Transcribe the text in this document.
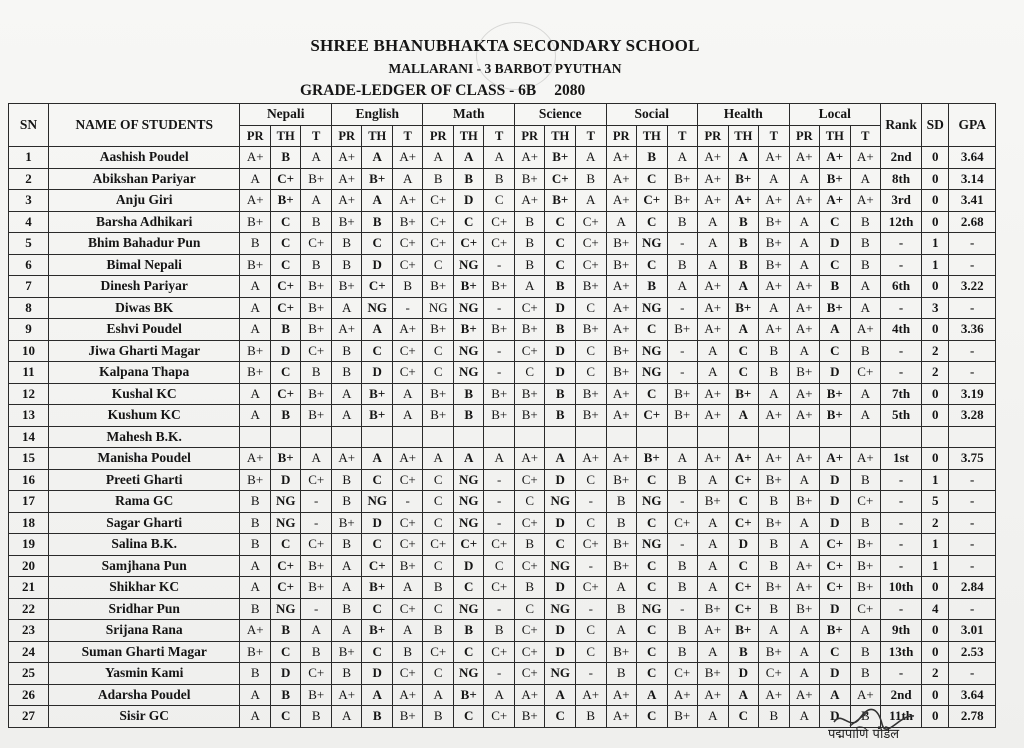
SHREE BHANUBHAKTA SECONDARY SCHOOL
MALLARANI - 3 BARBOT PYUTHAN
GRADE-LEDGER OF CLASS - 6B 2080
SN	NAME OF STUDENTS	Nepali			English			Math			Science			Social			Health			Local			Rank	SD	GPA
		PR	TH	T	PR	TH	T	PR	TH	T	PR	TH	T	PR	TH	T	PR	TH	T	PR	TH	T			
1	Aashish Poudel	A+	B	A	A+	A	A+	A	A	A	A+	B+	A	A+	B	A	A+	A	A+	A+	A+	A+	2nd	0	3.64
2	Abikshan Pariyar	A	C+	B+	A+	B+	A	B	B	B	B+	C+	B	A+	C	B+	A+	B+	A	A	B+	A	8th	0	3.14
3	Anju Giri	A+	B+	A	A+	A	A+	C+	D	C	A+	B+	A	A+	C+	B+	A+	A+	A+	A+	A+	A+	3rd	0	3.41
4	Barsha Adhikari	B+	C	B	B+	B	B+	C+	C	C+	B	C	C+	A	C	B	A	B	B+	A	C	B	12th	0	2.68
5	Bhim Bahadur Pun	B	C	C+	B	C	C+	C+	C+	C+	B	C	C+	B+	NG	-	A	B	B+	A	D	B	-	1	-
6	Bimal Nepali	B+	C	B	B	D	C+	C	NG	-	B	C	C+	B+	C	B	A	B	B+	A	C	B	-	1	-
7	Dinesh Pariyar	A	C+	B+	B+	C+	B	B+	B+	B+	A	B	B+	A+	B	A	A+	A	A+	A+	B	A	6th	0	3.22
8	Diwas BK	A	C+	B+	A	NG	-	NG	NG	-	C+	D	C	A+	NG	-	A+	B+	A	A+	B+	A	-	3	-
9	Eshvi Poudel	A	B	B+	A+	A	A+	B+	B+	B+	B+	B	B+	A+	C	B+	A+	A	A+	A+	A	A+	4th	0	3.36
10	Jiwa Gharti Magar	B+	D	C+	B	C	C+	C	NG	-	C+	D	C	B+	NG	-	A	C	B	A	C	B	-	2	-
11	Kalpana Thapa	B+	C	B	B	D	C+	C	NG	-	C	D	C	B+	NG	-	A	C	B	B+	D	C+	-	2	-
12	Kushal KC	A	C+	B+	A	B+	A	B+	B	B+	B+	B	B+	A+	C	B+	A+	B+	A	A+	B+	A	7th	0	3.19
13	Kushum KC	A	B	B+	A	B+	A	B+	B	B+	B+	B	B+	A+	C+	B+	A+	A	A+	A+	B+	A	5th	0	3.28
14	Mahesh B.K.																								
15	Manisha Poudel	A+	B+	A	A+	A	A+	A	A	A	A+	A	A+	A+	B+	A	A+	A+	A+	A+	A+	A+	1st	0	3.75
16	Preeti Gharti	B+	D	C+	B	C	C+	C	NG	-	C+	D	C	B+	C	B	A	C+	B+	A	D	B	-	1	-
17	Rama GC	B	NG	-	B	NG	-	C	NG	-	C	NG	-	B	NG	-	B+	C	B	B+	D	C+	-	5	-
18	Sagar Gharti	B	NG	-	B+	D	C+	C	NG	-	C+	D	C	B	C	C+	A	C+	B+	A	D	B	-	2	-
19	Salina B.K.	B	C	C+	B	C	C+	C+	C+	C+	B	C	C+	B+	NG	-	A	D	B	A	C+	B+	-	1	-
20	Samjhana Pun	A	C+	B+	A	C+	B+	C	D	C	C+	NG	-	B+	C	B	A	C	B	A+	C+	B+	-	1	-
21	Shikhar KC	A	C+	B+	A	B+	A	B	C	C+	B	D	C+	A	C	B	A	C+	B+	A+	C+	B+	10th	0	2.84
22	Sridhar Pun	B	NG	-	B	C	C+	C	NG	-	C	NG	-	B	NG	-	B+	C+	B	B+	D	C+	-	4	-
23	Srijana Rana	A+	B	A	A	B+	A	B	B	B	C+	D	C	A	C	B	A+	B+	A	A	B+	A	9th	0	3.01
24	Suman Gharti Magar	B+	C	B	B+	C	B	C+	C	C+	C+	D	C	B+	C	B	A	B	B+	A	C	B	13th	0	2.53
25	Yasmin Kami	B	D	C+	B	D	C+	C	NG	-	C+	NG	-	B	C	C+	B+	D	C+	A	D	B	-	2	-
26	Adarsha Poudel	A	B	B+	A+	A	A+	A	B+	A	A+	A	A+	A+	A	A+	A+	A	A+	A+	A	A+	2nd	0	3.64
27	Sisir GC	A	C	B	A	B	B+	B	C	C+	B+	C	B	A+	C	B+	A	C	B	A	D	B	11th	0	2.78
पद्मपाणि पौडेल
